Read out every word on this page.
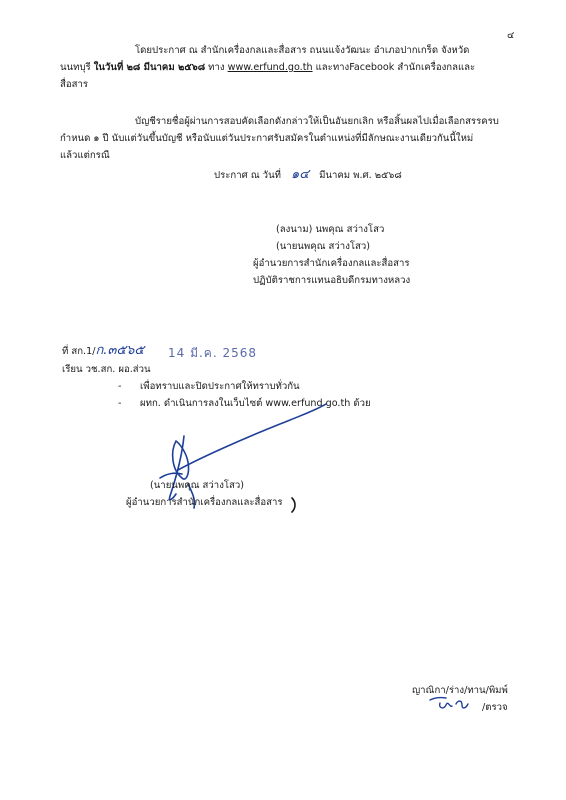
๔
โดยประกาศ ณ สำนักเครื่องกลและสื่อสาร ถนนแจ้งวัฒนะ อำเภอปากเกร็ด จังหวัด
นนทบุรี ในวันที่ ๒๘ มีนาคม ๒๕๖๘ ทาง www.erfund.go.th และทางFacebook สำนักเครื่องกลและ
สื่อสาร
บัญชีรายชื่อผู้ผ่านการสอบคัดเลือกดังกล่าวให้เป็นอันยกเลิก หรือสิ้นผลไปเมื่อเลือกสรรครบ
กำหนด ๑ ปี นับแต่วันขึ้นบัญชี หรือนับแต่วันประกาศรับสมัครในตำแหน่งที่มีลักษณะงานเดียวกันนี้ใหม่
แล้วแต่กรณี
ประกาศ ณ วันที่ ๑๔ มีนาคม พ.ศ. ๒๕๖๘
(ลงนาม) นพคุณ สว่างโสว
(นายนพคุณ สว่างโสว)
ผู้อำนวยการสำนักเครื่องกลและสื่อสาร
ปฏิบัติราชการแทนอธิบดีกรมทางหลวง
ที่ สก.1/ก.๓๕๖๕ 14 มี.ค. 2568
เรียน วช.สก. ผอ.ส่วน
- เพื่อทราบและปิดประกาศให้ทราบทั่วกัน
- ผทก. ดำเนินการลงในเว็บไซต์ www.erfund.go.th ด้วย
(นายนพคุณ สว่างโสว)
ผู้อำนวยการสำนักเครื่องกลและสื่อสาร
ญาณิกา/ร่าง/ทาน/พิมพ์
/ตรวจ
